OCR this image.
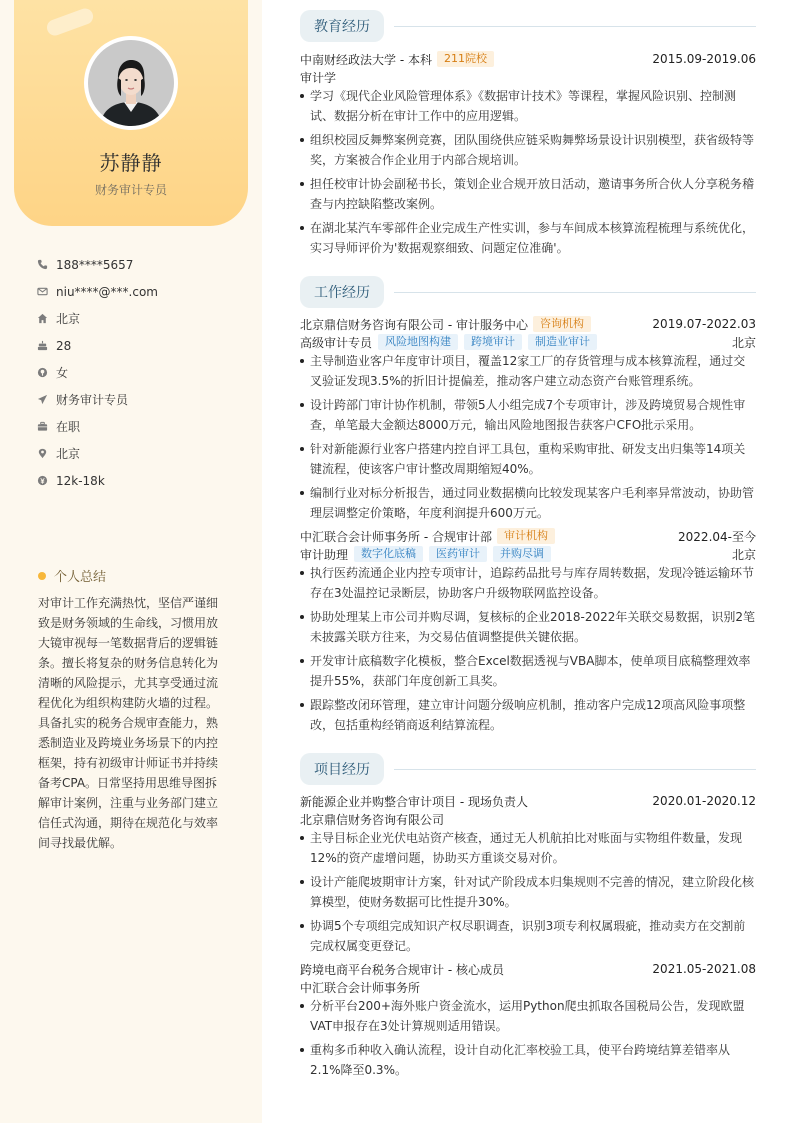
苏静静
财务审计专员
188****5657
niu****@***.com
北京
28
女
财务审计专员
在职
北京
12k-18k
个人总结
对审计工作充满热忱，坚信严谨细致是财务领域的生命线，习惯用放大镜审视每一笔数据背后的逻辑链条。擅长将复杂的财务信息转化为清晰的风险提示，尤其享受通过流程优化为组织构建防火墙的过程。具备扎实的税务合规审查能力，熟悉制造业及跨境业务场景下的内控框架，持有初级审计师证书并持续备考CPA。日常坚持用思维导图拆解审计案例，注重与业务部门建立信任式沟通，期待在规范化与效率间寻找最优解。
教育经历
中南财经政法大学 - 本科	211院校	2015.09-2019.06
审计学
学习《现代企业风险管理体系》《数据审计技术》等课程，掌握风险识别、控制测试、数据分析在审计工作中的应用逻辑。
组织校园反舞弊案例竞赛，团队围绕供应链采购舞弊场景设计识别模型，获省级特等奖，方案被合作企业用于内部合规培训。
担任校审计协会副秘书长，策划企业合规开放日活动，邀请事务所合伙人分享税务稽查与内控缺陷整改案例。
在湖北某汽车零部件企业完成生产性实训，参与车间成本核算流程梳理与系统优化，实习导师评价为'数据观察细致、问题定位准确'。
工作经历
北京鼎信财务咨询有限公司 - 审计服务中心	咨询机构	2019.07-2022.03
高级审计专员	风险地图构建	跨境审计	制造业审计	北京
主导制造业客户年度审计项目，覆盖12家工厂的存货管理与成本核算流程，通过交叉验证发现3.5%的折旧计提偏差，推动客户建立动态资产台账管理系统。
设计跨部门审计协作机制，带领5人小组完成7个专项审计，涉及跨境贸易合规性审查，单笔最大金额达8000万元，输出风险地图报告获客户CFO批示采用。
针对新能源行业客户搭建内控自评工具包，重构采购审批、研发支出归集等14项关键流程，使该客户审计整改周期缩短40%。
编制行业对标分析报告，通过同业数据横向比较发现某客户毛利率异常波动，协助管理层调整定价策略，年度利润提升600万元。
中汇联合会计师事务所 - 合规审计部	审计机构	2022.04-至今
审计助理	数字化底稿	医药审计	并购尽调	北京
执行医药流通企业内控专项审计，追踪药品批号与库存周转数据，发现冷链运输环节存在3处温控记录断层，协助客户升级物联网监控设备。
协助处理某上市公司并购尽调，复核标的企业2018-2022年关联交易数据，识别2笔未披露关联方往来，为交易估值调整提供关键依据。
开发审计底稿数字化模板，整合Excel数据透视与VBA脚本，使单项目底稿整理效率提升55%，获部门年度创新工具奖。
跟踪整改闭环管理，建立审计问题分级响应机制，推动客户完成12项高风险事项整改，包括重构经销商返利结算流程。
项目经历
新能源企业并购整合审计项目 - 现场负责人	2020.01-2020.12
北京鼎信财务咨询有限公司
主导目标企业光伏电站资产核查，通过无人机航拍比对账面与实物组件数量，发现12%的资产虚增问题，协助买方重谈交易对价。
设计产能爬坡期审计方案，针对试产阶段成本归集规则不完善的情况，建立阶段化核算模型，使财务数据可比性提升30%。
协调5个专项组完成知识产权尽职调查，识别3项专利权属瑕疵，推动卖方在交割前完成权属变更登记。
跨境电商平台税务合规审计 - 核心成员	2021.05-2021.08
中汇联合会计师事务所
分析平台200+海外账户资金流水，运用Python爬虫抓取各国税局公告，发现欧盟VAT申报存在3处计算规则适用错误。
重构多币种收入确认流程，设计自动化汇率校验工具，使平台跨境结算差错率从2.1%降至0.3%。
